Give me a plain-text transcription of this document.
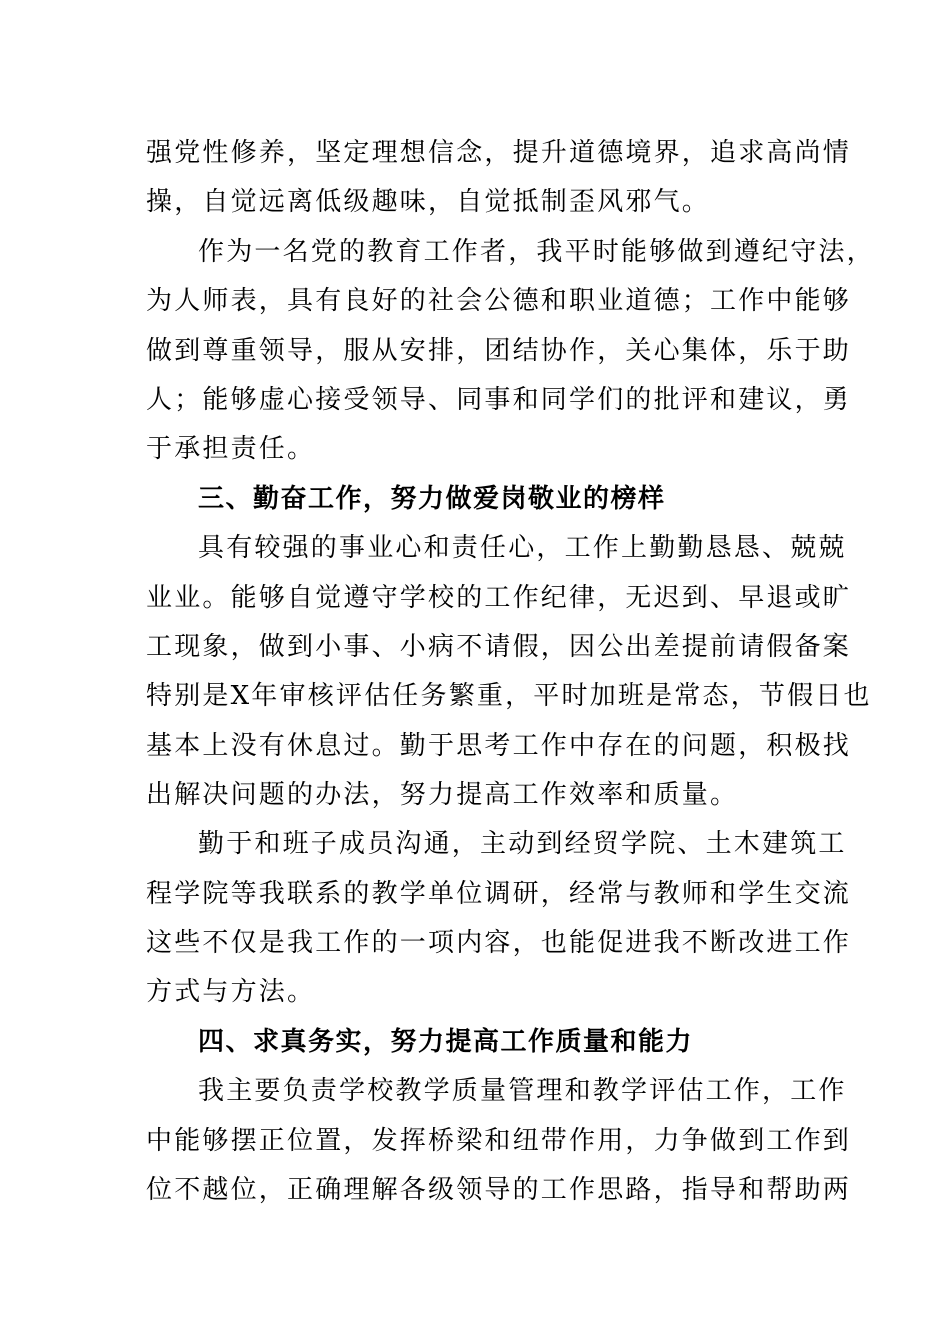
强党性修养，坚定理想信念，提升道德境界，追求高尚情
操，自觉远离低级趣味，自觉抵制歪风邪气。
作为一名党的教育工作者，我平时能够做到遵纪守法，
为人师表，具有良好的社会公德和职业道德；工作中能够
做到尊重领导，服从安排，团结协作，关心集体，乐于助
人；能够虚心接受领导、同事和同学们的批评和建议，勇
于承担责任。
三、勤奋工作，努力做爱岗敬业的榜样
具有较强的事业心和责任心，工作上勤勤恳恳、兢兢
业业。能够自觉遵守学校的工作纪律，无迟到、早退或旷
工现象，做到小事、小病不请假，因公出差提前请假备案
特别是X年审核评估任务繁重，平时加班是常态，节假日也
基本上没有休息过。勤于思考工作中存在的问题，积极找
出解决问题的办法，努力提高工作效率和质量。
勤于和班子成员沟通，主动到经贸学院、土木建筑工
程学院等我联系的教学单位调研，经常与教师和学生交流
这些不仅是我工作的一项内容，也能促进我不断改进工作
方式与方法。
四、求真务实，努力提高工作质量和能力
我主要负责学校教学质量管理和教学评估工作，工作
中能够摆正位置，发挥桥梁和纽带作用，力争做到工作到
位不越位，正确理解各级领导的工作思路，指导和帮助两
